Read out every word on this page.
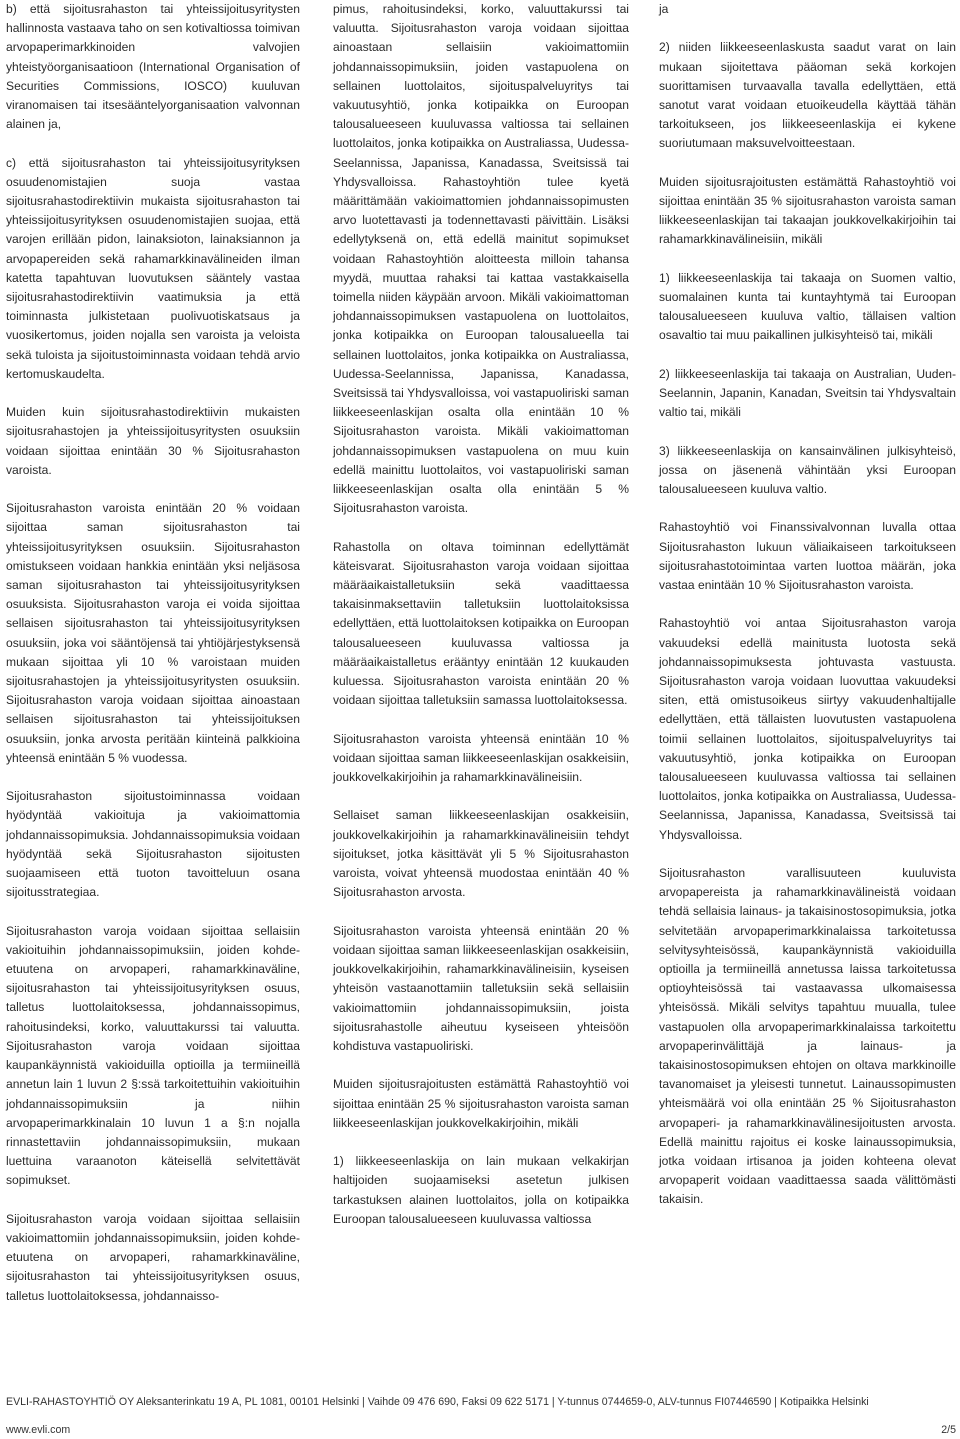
b) että sijoitusrahaston tai yhteissijoitusyritysten hallinnosta vastaava taho on sen kotivaltiossa toimivan arvopaperimarkkinoiden valvojien yhteistyöorganisaatioon (International Organisation of Securities Commissions, IOSCO) kuuluvan viranomaisen tai itsesääntelyorganisaation valvonnan alainen ja,

c) että sijoitusrahaston tai yhteissijoitusyrityksen osuudenomistajien suoja vastaa sijoitusrahastodirektiivin mukaista sijoitusrahaston tai yhteissijoitusyrityksen osuudenomistajien suojaa, että varojen erillään pidon, lainaksioton, lainaksiannon ja arvopapereiden sekä rahamarkkinavälineiden ilman katetta tapahtuvan luovutuksen sääntely vastaa sijoitusrahastodirektiivin vaatimuksia ja että toiminnasta julkistetaan puolivuotiskatsaus ja vuosikertomus, joiden nojalla sen varoista ja veloista sekä tuloista ja sijoitustoiminnasta voidaan tehdä arvio kertomuskaudelta.

Muiden kuin sijoitusrahastodirektiivin mukaisten sijoitusrahastojen ja yhteissijoitusyritysten osuuksiin voidaan sijoittaa enintään 30 % Sijoitusrahaston varoista.

Sijoitusrahaston varoista enintään 20 % voidaan sijoittaa saman sijoitusrahaston tai yhteissijoitusyrityksen osuuksiin. Sijoitusrahaston omistukseen voidaan hankkia enintään yksi neljäsosa saman sijoitusrahaston tai yhteissijoitusyrityksen osuuksista. Sijoitusrahaston varoja ei voida sijoittaa sellaisen sijoitusrahaston tai yhteissijoitusyrityksen osuuksiin, joka voi sääntöjensä tai yhtiöjärjestyksensä mukaan sijoittaa yli 10 % varoistaan muiden sijoitusrahastojen ja yhteissijoitusyritysten osuuksiin. Sijoitusrahaston varoja voidaan sijoittaa ainoastaan sellaisen sijoitusrahaston tai yhteissijoituksen osuuksiin, jonka arvosta peritään kiinteinä palkkioina yhteensä enintään 5 % vuodessa.

Sijoitusrahaston sijoitustoiminnassa voidaan hyödyntää vakioituja ja vakioimattomia johdannaissopimuksia. Johdannaissopimuksia voidaan hyödyntää sekä Sijoitusrahaston sijoitusten suojaamiseen että tuoton tavoitteluun osana sijoitusstrategiaa.

Sijoitusrahaston varoja voidaan sijoittaa sellaisiin vakioituihin johdannaissopimuksiin, joiden kohde-etuutena on arvopaperi, rahamarkkinaväline, sijoitusrahaston tai yhteissijoitusyrityksen osuus, talletus luottolaitoksessa, johdannaissopimus, rahoitusindeksi, korko, valuuttakurssi tai valuutta. Sijoitusrahaston varoja voidaan sijoittaa kaupankäynnistä vakioiduilla optioilla ja termiineillä annetun lain 1 luvun 2 §:ssä tarkoitettuihin vakioituihin johdannaissopimuksiin ja niihin arvopaperimarkkinalain 10 luvun 1 a §:n nojalla rinnastettaviin johdannaissopimuksiin, mukaan luettuina varaanoton käteisellä selvitettävät sopimukset.

Sijoitusrahaston varoja voidaan sijoittaa sellaisiin vakioimattomiin johdannaissopimuksiin, joiden kohde-etuutena on arvopaperi, rahamarkkinaväline, sijoitusrahaston tai yhteissijoitusyrityksen osuus, talletus luottolaitoksessa, johdannaisso-

pimus, rahoitusindeksi, korko, valuuttakurssi tai valuutta. Sijoitusrahaston varoja voidaan sijoittaa ainoastaan sellaisiin vakioimattomiin johdannaissopimuksiin, joiden vastapuolena on sellainen luottolaitos, sijoituspalveluyritys tai vakuutusyhtiö, jonka kotipaikka on Euroopan talousalueeseen kuuluvassa valtiossa tai sellainen luottolaitos, jonka kotipaikka on Australiassa, Uudessa-Seelannissa, Japanissa, Kanadassa, Sveitsissä tai Yhdysvalloissa. Rahastoyhtiön tulee kyetä määrittämään vakioimattomien johdannaissopimusten arvo luotettavasti ja todennettavasti päivittäin. Lisäksi edellytyksenä on, että edellä mainitut sopimukset voidaan Rahastoyhtiön aloitteesta milloin tahansa myydä, muuttaa rahaksi tai kattaa vastakkaisella toimella niiden käypään arvoon. Mikäli vakioimattoman johdannaissopimuksen vastapuolena on luottolaitos, jonka kotipaikka on Euroopan talousalueella tai sellainen luottolaitos, jonka kotipaikka on Australiassa, Uudessa-Seelannissa, Japanissa, Kanadassa, Sveitsissä tai Yhdysvalloissa, voi vastapuoliriski saman liikkeeseenlaskijan osalta olla enintään 10 % Sijoitusrahaston varoista. Mikäli vakioimattoman johdannaissopimuksen vastapuolena on muu kuin edellä mainittu luottolaitos, voi vastapuoliriski saman liikkeeseenlaskijan osalta olla enintään 5 % Sijoitusrahaston varoista.

Rahastolla on oltava toiminnan edellyttämät käteisvarat. Sijoitusrahaston varoja voidaan sijoittaa määräaikaistalletuksiin sekä vaadittaessa takaisinmaksettaviin talletuksiin luottolaitoksissa edellyttäen, että luottolaitoksen kotipaikka on Euroopan talousalueeseen kuuluvassa valtiossa ja määräaikaistalletus erääntyy enintään 12 kuukauden kuluessa. Sijoitusrahaston varoista enintään 20 % voidaan sijoittaa talletuksiin samassa luottolaitoksessa.

Sijoitusrahaston varoista yhteensä enintään 10 % voidaan sijoittaa saman liikkeeseenlaskijan osakkeisiin, joukkovelkakirjoihin ja rahamarkkinavälineisiin.

Sellaiset saman liikkeeseenlaskijan osakkeisiin, joukkovelkakirjoihin ja rahamarkkinavälineisiin tehdyt sijoitukset, jotka käsittävät yli 5 % Sijoitusrahaston varoista, voivat yhteensä muodostaa enintään 40 % Sijoitusrahaston arvosta.

Sijoitusrahaston varoista yhteensä enintään 20 % voidaan sijoittaa saman liikkeeseenlaskijan osakkeisiin, joukkovelkakirjoihin, rahamarkkinavälineisiin, kyseisen yhteisön vastaanottamiin talletuksiin sekä sellaisiin vakioimattomiin johdannaissopimuksiin, joista sijoitusrahastolle aiheutuu kyseiseen yhteisöön kohdistuva vastapuoliriski.

Muiden sijoitusrajoitusten estämättä Rahastoyhtiö voi sijoittaa enintään 25 % sijoitusrahaston varoista saman liikkeeseenlaskijan joukkovelkakirjoihin, mikäli

1) liikkeeseenlaskija on lain mukaan velkakirjan haltijoiden suojaamiseksi asetetun julkisen tarkastuksen alainen luottolaitos, jolla on kotipaikka Euroopan talousalueeseen kuuluvassa valtiossa

ja

2) niiden liikkeeseenlaskusta saadut varat on lain mukaan sijoitettava pääoman sekä korkojen suorittamisen turvaavalla tavalla edellyttäen, että sanotut varat voidaan etuoikeudella käyttää tähän tarkoitukseen, jos liikkeeseenlaskija ei kykene suoriutumaan maksuvelvoitteestaan.

Muiden sijoitusrajoitusten estämättä Rahastoyhtiö voi sijoittaa enintään 35 % sijoitusrahaston varoista saman liikkeeseenlaskijan tai takaajan joukkovelkakirjoihin tai rahamarkkinavälineisiin, mikäli

1) liikkeeseenlaskija tai takaaja on Suomen valtio, suomalainen kunta tai kuntayhtymä tai Euroopan talousalueeseen kuuluva valtio, tällaisen valtion osavaltio tai muu paikallinen julkisyhteisö tai, mikäli

2) liikkeeseenlaskija tai takaaja on Australian, Uuden-Seelannin, Japanin, Kanadan, Sveitsin tai Yhdysvaltain valtio tai, mikäli

3) liikkeeseenlaskija on kansainvälinen julkisyhteisö, jossa on jäsenenä vähintään yksi Euroopan talousalueeseen kuuluva valtio.

Rahastoyhtiö voi Finanssivalvonnan luvalla ottaa Sijoitusrahaston lukuun väliaikaiseen tarkoitukseen sijoitusrahastotoimintaa varten luottoa määrän, joka vastaa enintään 10 % Sijoitusrahaston varoista.

Rahastoyhtiö voi antaa Sijoitusrahaston varoja vakuudeksi edellä mainitusta luotosta sekä johdannaissopimuksesta johtuvasta vastuusta. Sijoitusrahaston varoja voidaan luovuttaa vakuudeksi siten, että omistusoikeus siirtyy vakuudenhaltijalle edellyttäen, että tällaisten luovutusten vastapuolena toimii sellainen luottolaitos, sijoituspalveluyritys tai vakuutusyhtiö, jonka kotipaikka on Euroopan talousalueeseen kuuluvassa valtiossa tai sellainen luottolaitos, jonka kotipaikka on Australiassa, Uudessa-Seelannissa, Japanissa, Kanadassa, Sveitsissä tai Yhdysvalloissa.

Sijoitusrahaston varallisuuteen kuuluvista arvopapereista ja rahamarkkinavälineistä voidaan tehdä sellaisia lainaus- ja takaisinostosopimuksia, jotka selvitetään arvopaperimarkkinalaissa tarkoitetussa selvitysyhteisössä, kaupankäynnistä vakioiduilla optioilla ja termiineillä annetussa laissa tarkoitetussa optioyhteisössä tai vastaavassa ulkomaisessa yhteisössä. Mikäli selvitys tapahtuu muualla, tulee vastapuolen olla arvopaperimarkkinalaissa tarkoitettu arvopaperinvälittäjä ja lainaus- ja takaisinostosopimuksen ehtojen on oltava markkinoille tavanomaiset ja yleisesti tunnetut. Lainaussopimusten yhteismäärä voi olla enintään 25 % Sijoitusrahaston arvopaperi- ja rahamarkkinavälinesijoitusten arvosta. Edellä mainittu rajoitus ei koske lainaussopimuksia, jotka voidaan irtisanoa ja joiden kohteena olevat arvopaperit voidaan vaadittaessa saada välittömästi takaisin.

EVLI-RAHASTOYHTIÖ OY Aleksanterinkatu 19 A, PL 1081, 00101 Helsinki | Vaihde 09 476 690, Faksi 09 622 5171 | Y-tunnus 0744659-0, ALV-tunnus FI07446590 | Kotipaikka Helsinki
www.evli.com	2/5
